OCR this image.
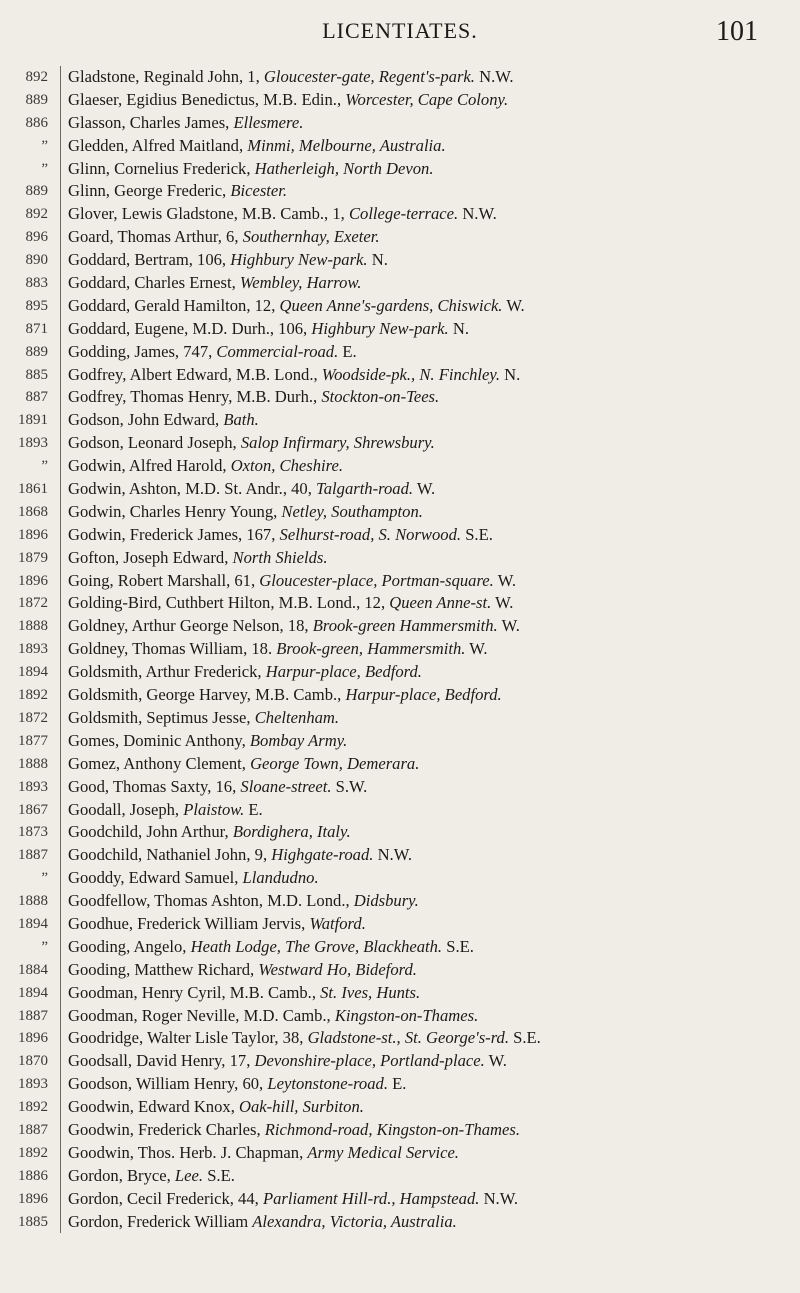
LICENTIATES.	101
892 Gladstone, Reginald John, 1, Gloucester-gate, Regent's-park. N.W.
889 Glaeser, Egidius Benedictus, M.B. Edin., Worcester, Cape Colony.
886 Glasson, Charles James, Ellesmere.
” Gledden, Alfred Maitland, Minmi, Melbourne, Australia.
” Glinn, Cornelius Frederick, Hatherleigh, North Devon.
889 Glinn, George Frederic, Bicester.
892 Glover, Lewis Gladstone, M.B. Camb., 1, College-terrace. N.W.
896 Goard, Thomas Arthur, 6, Southernhay, Exeter.
890 Goddard, Bertram, 106, Highbury New-park. N.
883 Goddard, Charles Ernest, Wembley, Harrow.
895 Goddard, Gerald Hamilton, 12, Queen Anne's-gardens, Chiswick. W.
871 Goddard, Eugene, M.D. Durh., 106, Highbury New-park. N.
889 Godding, James, 747, Commercial-road. E.
885 Godfrey, Albert Edward, M.B. Lond., Woodside-pk., N. Finchley. N.
887 Godfrey, Thomas Henry, M.B. Durh., Stockton-on-Tees.
1891 Godson, John Edward, Bath.
1893 Godson, Leonard Joseph, Salop Infirmary, Shrewsbury.
” Godwin, Alfred Harold, Oxton, Cheshire.
1861 Godwin, Ashton, M.D. St. Andr., 40, Talgarth-road. W.
1868 Godwin, Charles Henry Young, Netley, Southampton.
1896 Godwin, Frederick James, 167, Selhurst-road, S. Norwood. S.E.
1879 Gofton, Joseph Edward, North Shields.
1896 Going, Robert Marshall, 61, Gloucester-place, Portman-square. W.
1872 Golding-Bird, Cuthbert Hilton, M.B. Lond., 12, Queen Anne-st. W.
1888 Goldney, Arthur George Nelson, 18, Brook-green Hammersmith. W.
1893 Goldney, Thomas William, 18. Brook-green, Hammersmith. W.
1894 Goldsmith, Arthur Frederick, Harpur-place, Bedford.
1892 Goldsmith, George Harvey, M.B. Camb., Harpur-place, Bedford.
1872 Goldsmith, Septimus Jesse, Cheltenham.
1877 Gomes, Dominic Anthony, Bombay Army.
1888 Gomez, Anthony Clement, George Town, Demerara.
1893 Good, Thomas Saxty, 16, Sloane-street. S.W.
1867 Goodall, Joseph, Plaistow. E.
1873 Goodchild, John Arthur, Bordighera, Italy.
1887 Goodchild, Nathaniel John, 9, Highgate-road. N.W.
” Gooddy, Edward Samuel, Llandudno.
1888 Goodfellow, Thomas Ashton, M.D. Lond., Didsbury.
1894 Goodhue, Frederick William Jervis, Watford.
” Gooding, Angelo, Heath Lodge, The Grove, Blackheath. S.E.
1884 Gooding, Matthew Richard, Westward Ho, Bideford.
1894 Goodman, Henry Cyril, M.B. Camb., St. Ives, Hunts.
1887 Goodman, Roger Neville, M.D. Camb., Kingston-on-Thames.
1896 Goodridge, Walter Lisle Taylor, 38, Gladstone-st., St. George's-rd. S.E.
1870 Goodsall, David Henry, 17, Devonshire-place, Portland-place. W.
1893 Goodson, William Henry, 60, Leytonstone-road. E.
1892 Goodwin, Edward Knox, Oak-hill, Surbiton.
1887 Goodwin, Frederick Charles, Richmond-road, Kingston-on-Thames.
1892 Goodwin, Thos. Herb. J. Chapman, Army Medical Service.
1886 Gordon, Bryce, Lee. S.E.
1896 Gordon, Cecil Frederick, 44, Parliament Hill-rd., Hampstead. N.W.
1885 Gordon, Frederick William Alexandra, Victoria, Australia.
